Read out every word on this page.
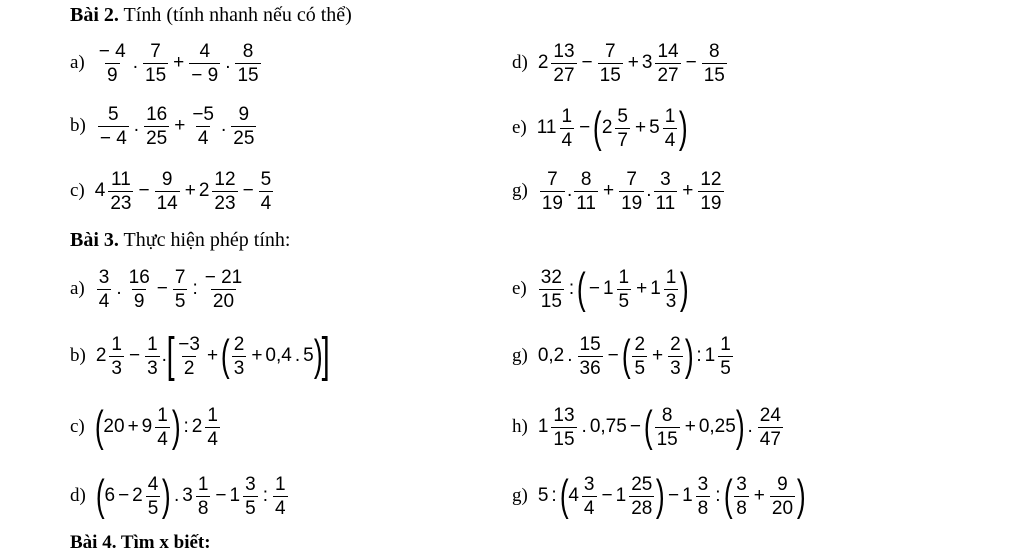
Bài 2. Tính (tính nhanh nếu có thể)
Bài 3. Thực hiện phép tính:
$a) \frac{- 4}{9}$ . $\frac{7}{15} + \frac{4}{- 9}$ . $\frac{8}{15}$
$b) \frac{5}{- 4}$ . $\frac{16}{25} + \frac{-5}{4}$ . $\frac{9}{25}$
c) $4 \frac{11}{23} - \frac{9}{14} + 2 \frac{12}{23} - \frac{5}{4}$
d) $2 \frac{13}{27} - \frac{7}{15} + 3 \frac{14}{27} - \frac{8}{15}$
e) $11 \frac{1}{4}$ − ( $2 \frac{5}{7} + 5 \frac{1}{4}$ )
$g) \frac{7}{19}$ . $\frac{8}{11} + \frac{7}{19}$ . $\frac{3}{11} + \frac{12}{19}$
$a) \frac{3}{4}$ . $\frac{16}{9} - \frac{7}{5}$ : $\frac{- 21}{20}$
b) $2 \frac{1}{3} - \frac{1}{3}$ . [ $\frac{-3}{2}$ + ( $\frac{2}{3} + 0,4$ . 5 ) ]
c) ( $20 + 9 \frac{1}{4}$ ) : $2 \frac{1}{4}$
d) ( $6 - 2 \frac{4}{5}$ ) . $3 \frac{1}{8} - 1 \frac{3}{5}$ : $\frac{1}{4}$
$e) \frac{32}{15}$ : ( − $1 \frac{1}{5} + 1 \frac{1}{3}$ )
g) 0,2 . $\frac{15}{36}$ − ( $\frac{2}{5} + \frac{2}{3}$ ) : $1 \frac{1}{5}$
h) $1 \frac{13}{15}$ . 0,75 − ( $\frac{8}{15} + 0,25$ ) . $\frac{24}{47}$
g) 5 : ( $4 \frac{3}{4} - 1 \frac{25}{28}$ ) − $1 \frac{3}{8}$ : ( $\frac{3}{8} + \frac{9}{20}$ )
Bài 4. Tìm x biết:
